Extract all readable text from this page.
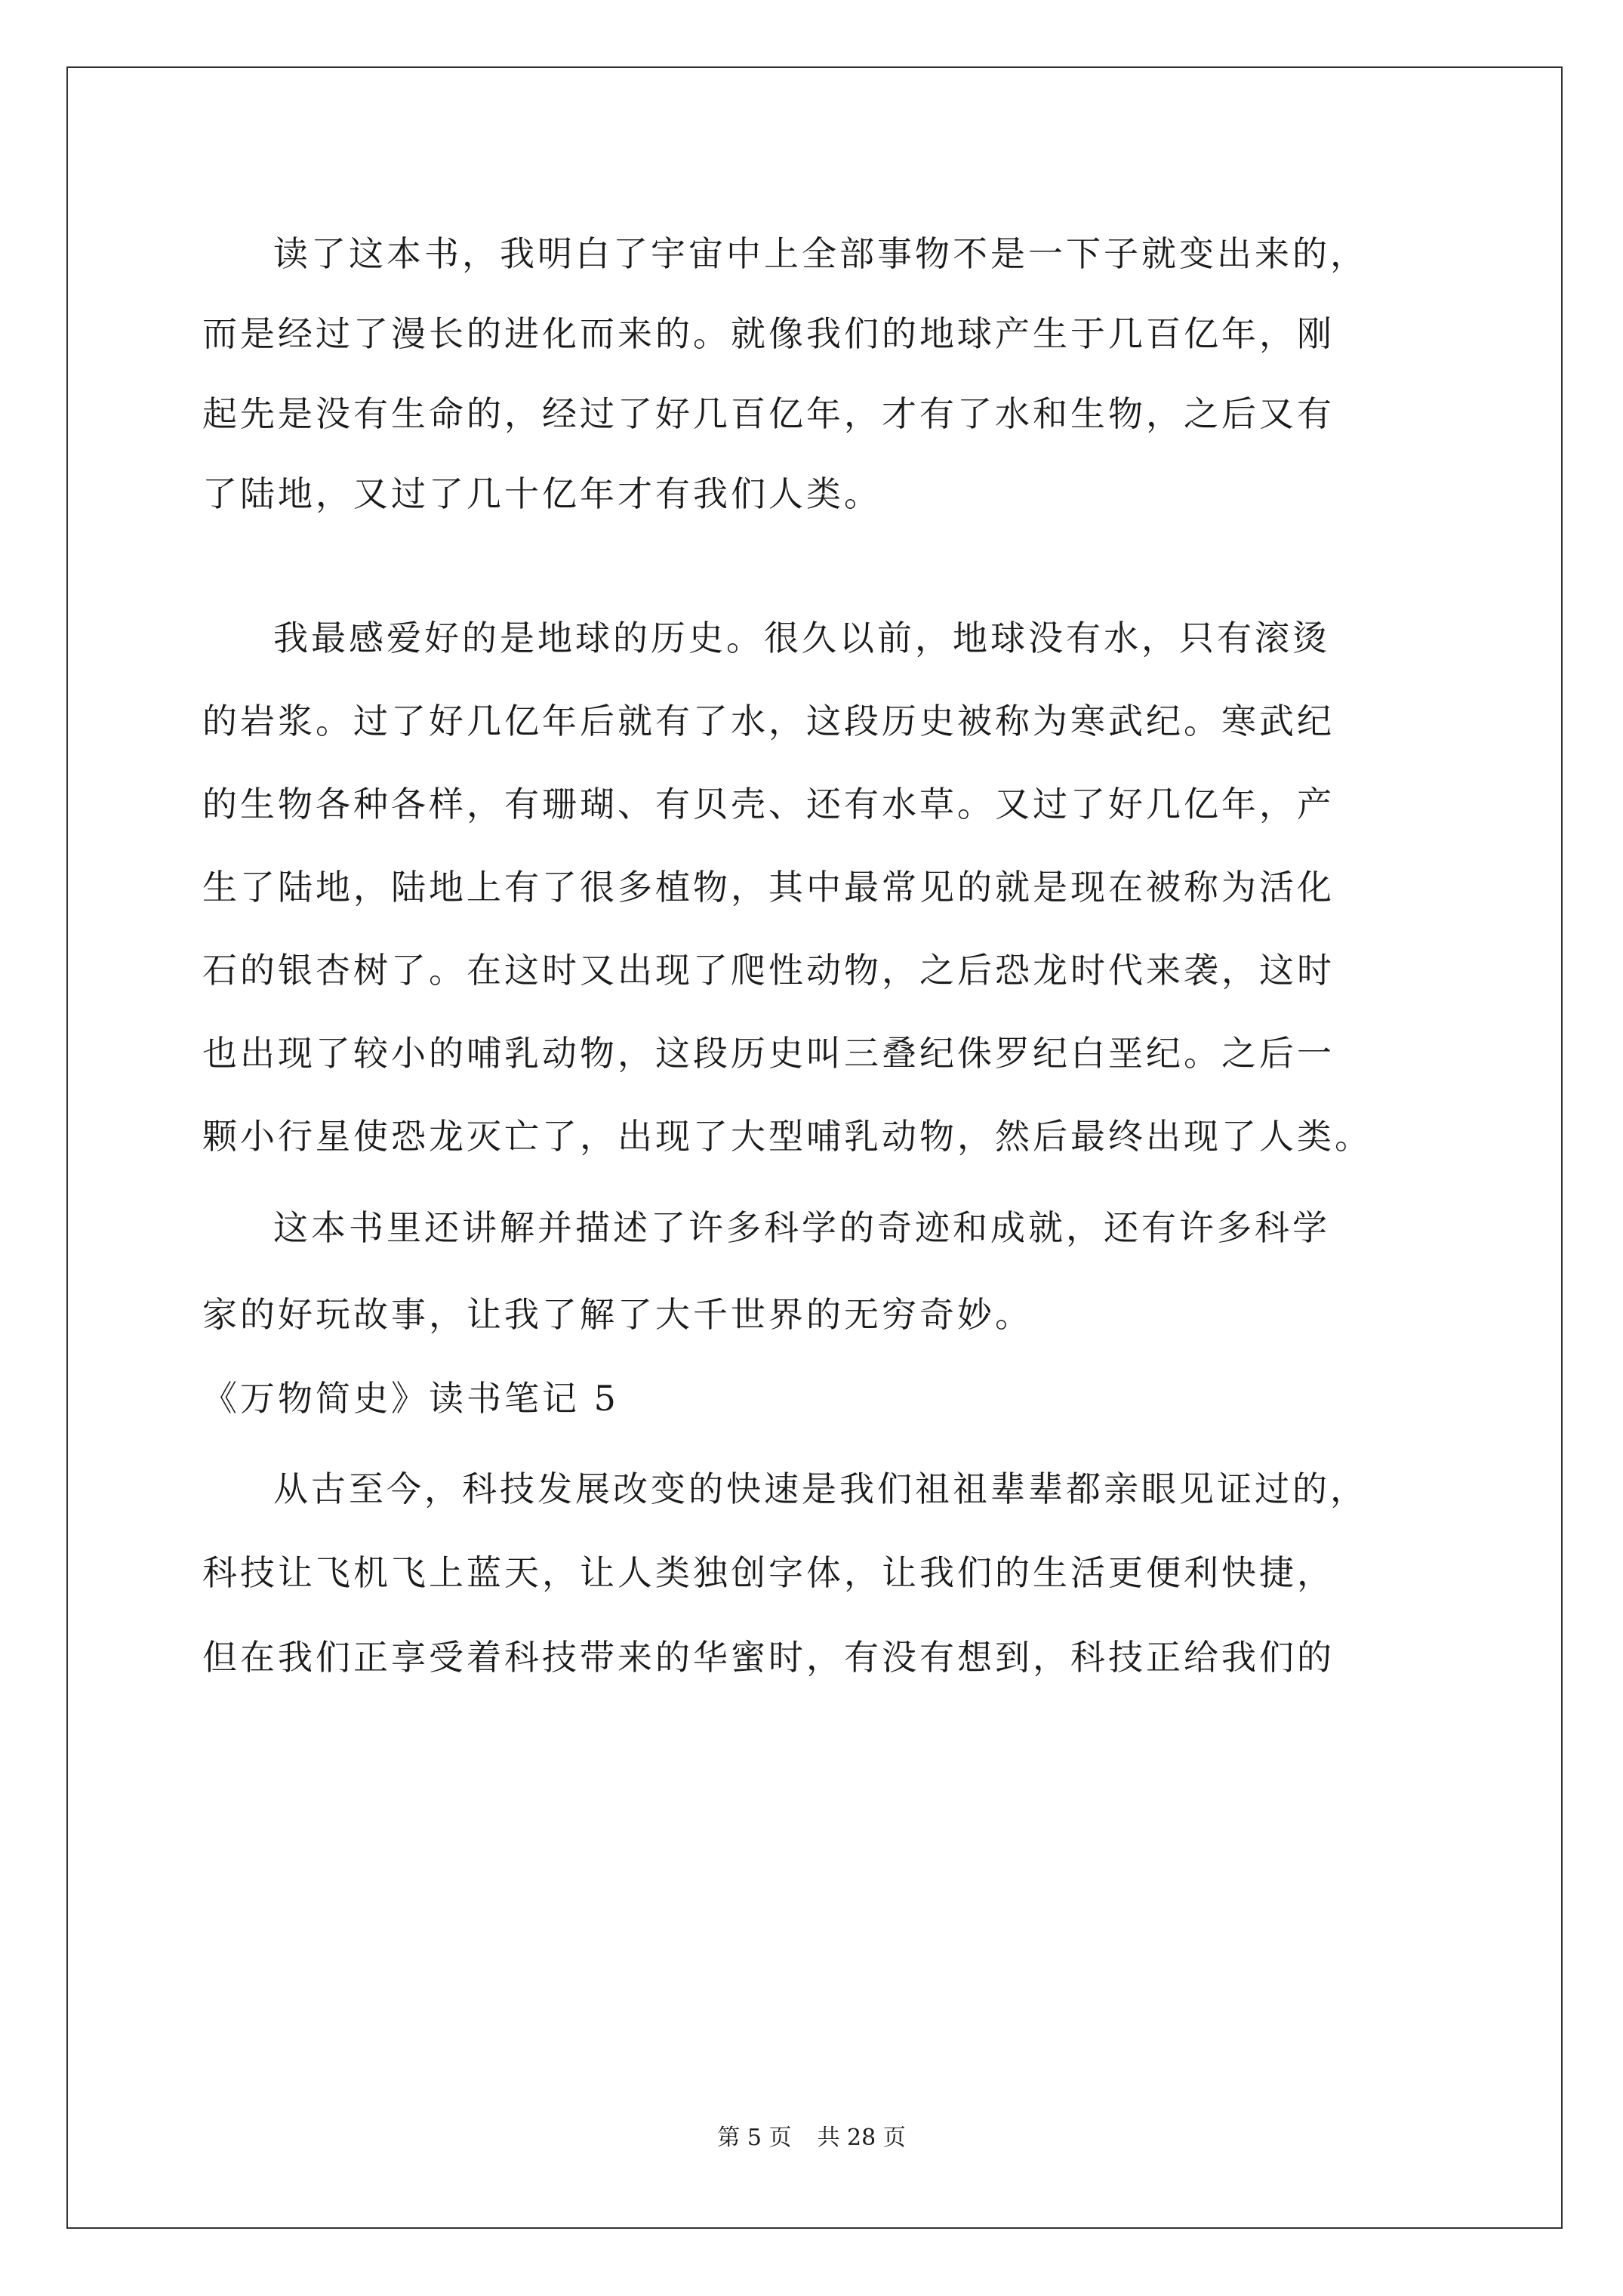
读了这本书，我明白了宇宙中上全部事物不是一下子就变出来的，
而是经过了漫长的进化而来的。就像我们的地球产生于几百亿年，刚
起先是没有生命的，经过了好几百亿年，才有了水和生物，之后又有
了陆地，又过了几十亿年才有我们人类。
我最感爱好的是地球的历史。很久以前，地球没有水，只有滚烫
的岩浆。过了好几亿年后就有了水，这段历史被称为寒武纪。寒武纪
的生物各种各样，有珊瑚、有贝壳、还有水草。又过了好几亿年，产
生了陆地，陆地上有了很多植物，其中最常见的就是现在被称为活化
石的银杏树了。在这时又出现了爬性动物，之后恐龙时代来袭，这时
也出现了较小的哺乳动物，这段历史叫三叠纪侏罗纪白垩纪。之后一
颗小行星使恐龙灭亡了，出现了大型哺乳动物，然后最终出现了人类。
这本书里还讲解并描述了许多科学的奇迹和成就，还有许多科学
家的好玩故事，让我了解了大千世界的无穷奇妙。
《万物简史》读书笔记 5
从古至今，科技发展改变的快速是我们祖祖辈辈都亲眼见证过的，
科技让飞机飞上蓝天，让人类独创字体，让我们的生活更便利快捷，
但在我们正享受着科技带来的华蜜时，有没有想到，科技正给我们的
第 5 页 共 28 页
